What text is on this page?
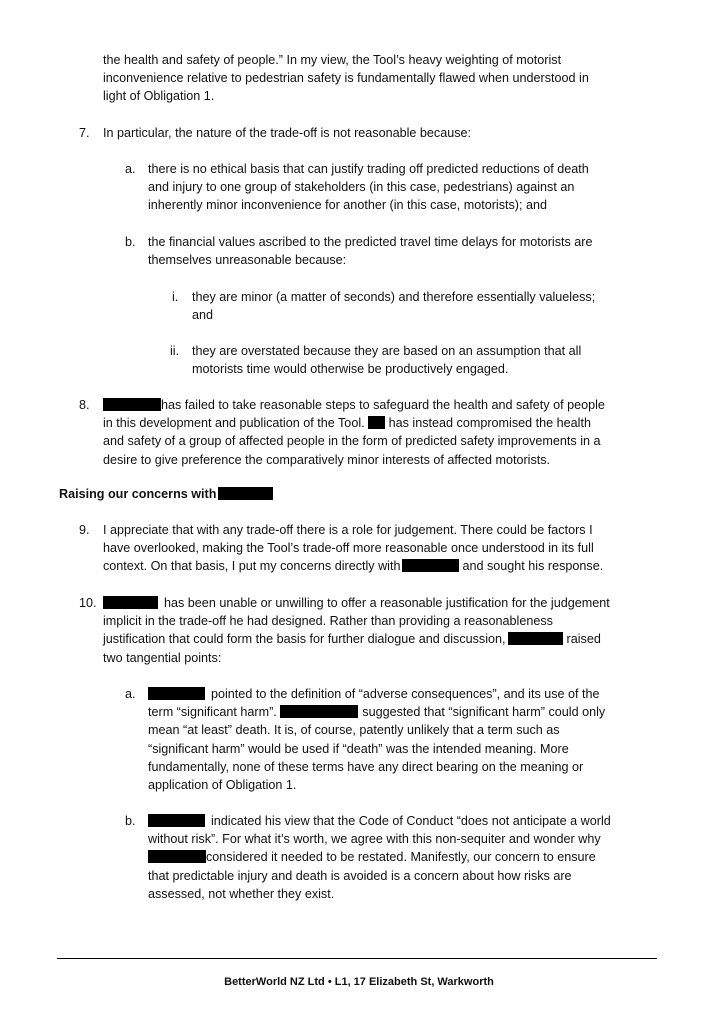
the health and safety of people.” In my view, the Tool’s heavy weighting of motorist
inconvenience relative to pedestrian safety is fundamentally flawed when understood in
light of Obligation 1.
7. In particular, the nature of the trade-off is not reasonable because:
a. there is no ethical basis that can justify trading off predicted reductions of death
and injury to one group of stakeholders (in this case, pedestrians) against an
inherently minor inconvenience for another (in this case, motorists); and
b. the financial values ascribed to the predicted travel time delays for motorists are
themselves unreasonable because:
i. they are minor (a matter of seconds) and therefore essentially valueless;
and
ii. they are overstated because they are based on an assumption that all
motorists time would otherwise be productively engaged.
8.	has failed to take reasonable steps to safeguard the health and safety of people
in this development and publication of the Tool. has instead compromised the health
and safety of a group of affected people in the form of predicted safety improvements in a
desire to give preference the comparatively minor interests of affected motorists.
Raising our concerns with
9. I appreciate that with any trade-off there is a role for judgement. There could be factors I
have overlooked, making the Tool’s trade-off more reasonable once understood in its full
context. On that basis, I put my concerns directly with	and sought his response.
10.	has been unable or unwilling to offer a reasonable justification for the judgement
implicit in the trade-off he had designed. Rather than providing a reasonableness
justification that could form the basis for further dialogue and discussion,	raised
two tangential points:
a.	pointed to the definition of “adverse consequences”, and its use of the
term “significant harm”.	suggested that “significant harm” could only
mean “at least” death. It is, of course, patently unlikely that a term such as
“significant harm” would be used if “death” was the intended meaning. More
fundamentally, none of these terms have any direct bearing on the meaning or
application of Obligation 1.
b.	indicated his view that the Code of Conduct “does not anticipate a world
without risk”. For what it’s worth, we agree with this non-sequiter and wonder why
considered it needed to be restated. Manifestly, our concern to ensure
that predictable injury and death is avoided is a concern about how risks are
assessed, not whether they exist.
BetterWorld NZ Ltd • L1, 17 Elizabeth St, Warkworth
